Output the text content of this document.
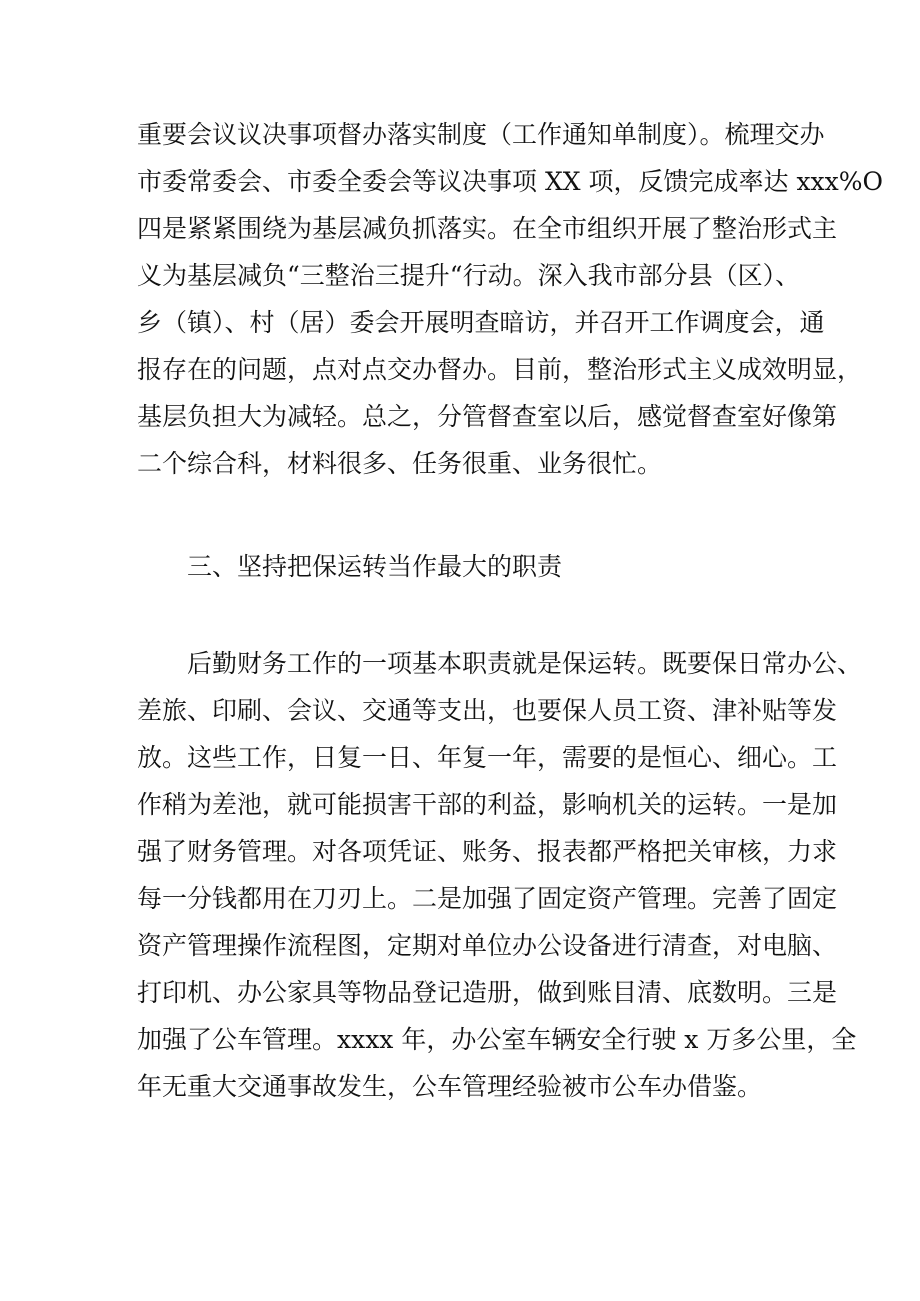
重要会议议决事项督办落实制度（工作通知单制度）。梳理交办
市委常委会、市委全委会等议决事项 XX 项，反馈完成率达 xxx%O
四是紧紧围绕为基层减负抓落实。在全市组织开展了整治形式主
义为基层减负“三整治三提升“行动。深入我市部分县（区）、
乡（镇）、村（居）委会开展明查暗访，并召开工作调度会，通
报存在的问题，点对点交办督办。目前，整治形式主义成效明显，
基层负担大为减轻。总之，分管督查室以后，感觉督查室好像第
二个综合科，材料很多、任务很重、业务很忙。
三、坚持把保运转当作最大的职责
后勤财务工作的一项基本职责就是保运转。既要保日常办公、
差旅、印刷、会议、交通等支出，也要保人员工资、津补贴等发
放。这些工作，日复一日、年复一年，需要的是恒心、细心。工
作稍为差池，就可能损害干部的利益，影响机关的运转。一是加
强了财务管理。对各项凭证、账务、报表都严格把关审核，力求
每一分钱都用在刀刃上。二是加强了固定资产管理。完善了固定
资产管理操作流程图，定期对单位办公设备进行清查，对电脑、
打印机、办公家具等物品登记造册，做到账目清、底数明。三是
加强了公车管理。xxxx 年，办公室车辆安全行驶 x 万多公里，全
年无重大交通事故发生，公车管理经验被市公车办借鉴。
